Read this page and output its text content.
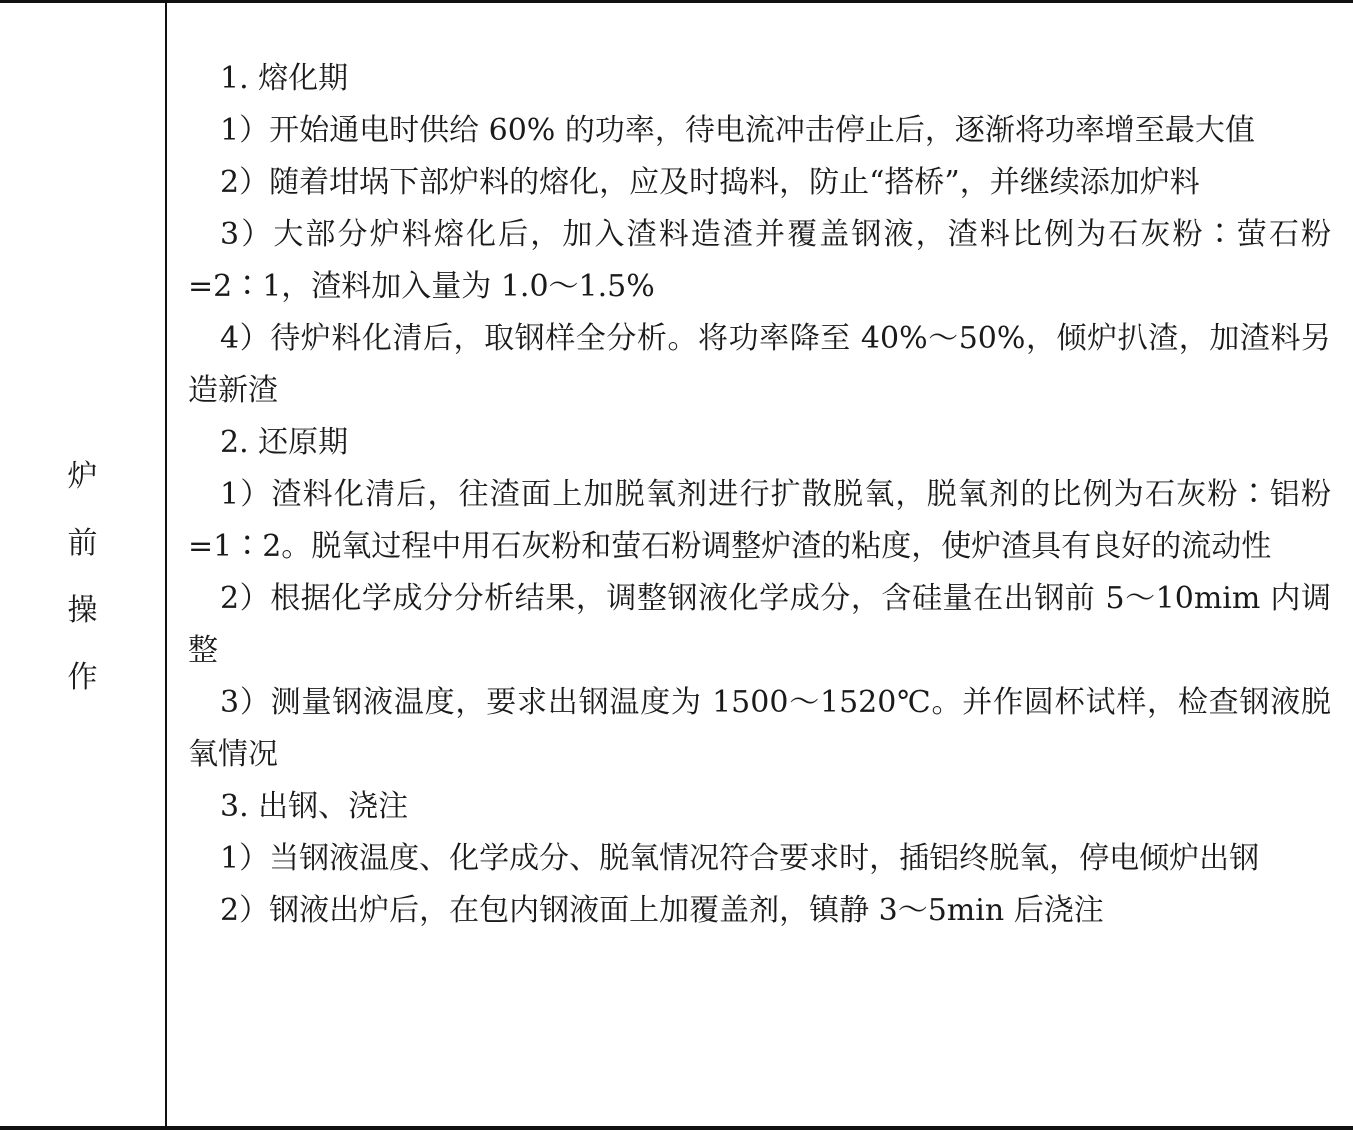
炉
前
操
作

1. 熔化期

1）开始通电时供给 60% 的功率，待电流冲击停止后，逐渐将功率增至最大值

2）随着坩埚下部炉料的熔化，应及时捣料，防止“搭桥”，并继续添加炉料

3）大部分炉料熔化后，加入渣料造渣并覆盖钢液，渣料比例为石灰粉∶萤石粉 =2∶1，渣料加入量为 1.0～1.5%

4）待炉料化清后，取钢样全分析。将功率降至 40%～50%，倾炉扒渣，加渣料另造新渣

2. 还原期

1）渣料化清后，往渣面上加脱氧剂进行扩散脱氧，脱氧剂的比例为石灰粉∶铝粉 =1∶2。脱氧过程中用石灰粉和萤石粉调整炉渣的粘度，使炉渣具有良好的流动性

2）根据化学成分分析结果，调整钢液化学成分，含硅量在出钢前 5～10mim 内调整

3）测量钢液温度，要求出钢温度为 1500～1520℃。并作圆杯试样，检查钢液脱氧情况

3. 出钢、浇注

1）当钢液温度、化学成分、脱氧情况符合要求时，插铝终脱氧，停电倾炉出钢

2）钢液出炉后，在包内钢液面上加覆盖剂，镇静 3～5min 后浇注
